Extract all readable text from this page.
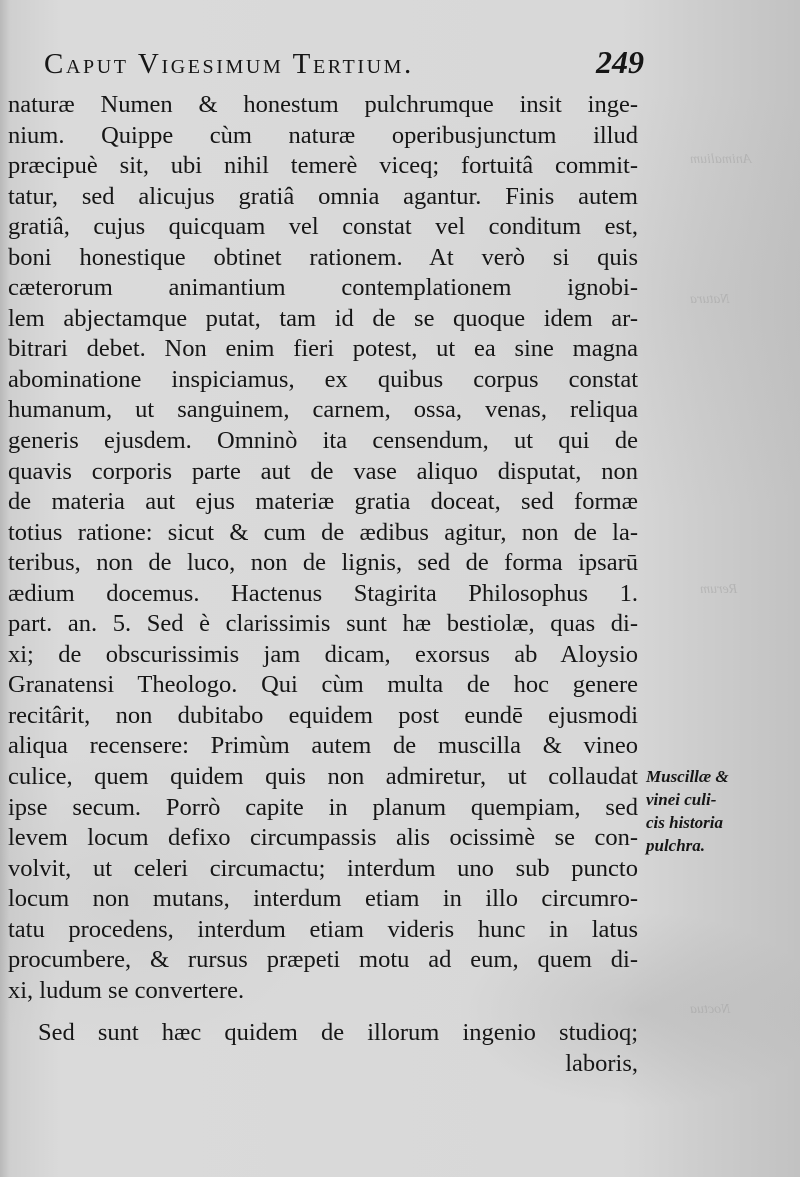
Animalium
Natura
Rerum
Noctua
Caput Vigesimum Tertium.	249
naturæ Numen & honestum pulchrumque insit inge-
nium. Quippe cùm naturæ operibusjunctum illud
præcipuè sit, ubi nihil temerè viceq; fortuitâ commit-
tatur, sed alicujus gratiâ omnia agantur. Finis autem
gratiâ, cujus quicquam vel constat vel conditum est,
boni honestique obtinet rationem. At verò si quis
cæterorum animantium contemplationem ignobi-
lem abjectamque putat, tam id de se quoque idem ar-
bitrari debet. Non enim fieri potest, ut ea sine magna
abominatione inspiciamus, ex quibus corpus constat
humanum, ut sanguinem, carnem, ossa, venas, reliqua
generis ejusdem. Omninò ita censendum, ut qui de
quavis corporis parte aut de vase aliquo disputat, non
de materia aut ejus materiæ gratia doceat, sed formæ
totius ratione: sicut & cum de ædibus agitur, non de la-
teribus, non de luco, non de lignis, sed de forma ipsarū
ædium docemus. Hactenus Stagirita Philosophus 1.
part. an. 5. Sed è clarissimis sunt hæ bestiolæ, quas di-
xi; de obscurissimis jam dicam, exorsus ab Aloysio
Granatensi Theologo. Qui cùm multa de hoc genere
recitârit, non dubitabo equidem post eundē ejusmodi
aliqua recensere: Primùm autem de muscilla & vineo
culice, quem quidem quis non admiretur, ut collaudat
ipse secum. Porrò capite in planum quempiam, sed
levem locum defixo circumpassis alis ocissimè se con-
volvit, ut celeri circumactu; interdum uno sub puncto
locum non mutans, interdum etiam in illo circumro-
tatu procedens, interdum etiam videris hunc in latus
procumbere, & rursus præpeti motu ad eum, quem di-
xi, ludum se convertere.
Sed sunt hæc quidem de illorum ingenio studioq;
laboris,
Muscillæ &
vinei culi-
cis historia
pulchra.
